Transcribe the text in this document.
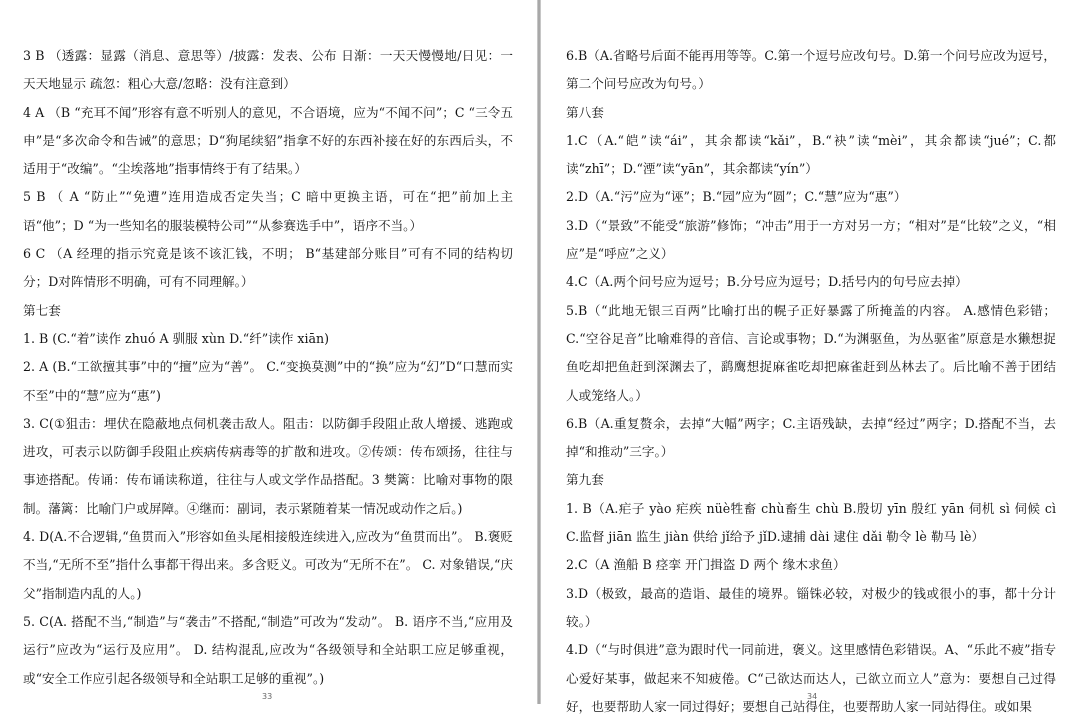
3 B （透露：显露（消息、意思等）/披露：发表、公布 日渐：一天天慢慢地/日见：一天天地显示 疏忽：粗心大意/忽略：没有注意到）

4 A （B “充耳不闻”形容有意不听别人的意见，不合语境，应为“不闻不问”；C “三令五申”是“多次命令和告诫”的意思；D“狗尾续貂”指拿不好的东西补接在好的东西后头，不适用于“改编”。“尘埃落地”指事情终于有了结果。）

5 B （ A “防止”“免遭”连用造成否定失当；C 暗中更换主语，可在“把”前加上主语“他”；D “为一些知名的服装模特公司”“从参赛选手中”，语序不当。）

6 C （A 经理的指示究竟是该不该汇钱，不明； B“基建部分账目”可有不同的结构切分；D对阵情形不明确，可有不同理解。）

第七套

1. B (C.“着”读作 zhuó A 驯服 xùn D.“纤”读作 xiān)

2. A (B.“工欲擅其事”中的“擅”应为“善”。 C.“变换莫测”中的“换”应为“幻”D“口慧而实不至”中的“慧”应为“惠”)

3. C(①狙击：埋伏在隐蔽地点伺机袭击敌人。阻击：以防御手段阻止敌人增援、逃跑或进攻，可表示以防御手段阻止疾病传病毒等的扩散和进攻。②传颂：传布颂扬，往往与事迹搭配。传诵：传布诵读称道，往往与人或文学作品搭配。3 樊篱：比喻对事物的限制。藩篱：比喻门户或屏障。④继而：副词，表示紧随着某一情况或动作之后。)

4. D(A.不合逻辑,“鱼贯而入”形容如鱼头尾相接般连续进入,应改为“鱼贯而出”。 B.褒贬不当,“无所不至”指什么事都干得出来。多含贬义。可改为“无所不在”。 C. 对象错误,“庆父”指制造内乱的人。)

5. C(A. 搭配不当,“制造”与“袭击”不搭配,“制造”可改为“发动”。 B. 语序不当,“应用及运行”应改为“运行及应用”。 D. 结构混乱,应改为“各级领导和全站职工应足够重视，或“安全工作应引起各级领导和全站职工足够的重视”。)

33

6.B（A.省略号后面不能再用等等。C.第一个逗号应改句号。D.第一个问号应改为逗号，第二个问号应改为句号。）

第八套

1.C（A.“皑”读“ái”，其余都读“kǎi”，B.“袂”读“mèi”，其余都读“jué”；C.都读“zhī”；D.“湮”读“yān”，其余都读“yín”）

2.D（A.“污”应为“诬”；B.“园”应为“圆”；C.“慧”应为“惠”）

3.D（“景致”不能受“旅游”修饰；“冲击”用于一方对另一方；“相对”是“比较”之义，“相应”是“呼应”之义）

4.C（A.两个问号应为逗号；B.分号应为逗号；D.括号内的句号应去掉）

5.B（“此地无银三百两”比喻打出的幌子正好暴露了所掩盖的内容。 A.感情色彩错；C.“空谷足音”比喻难得的音信、言论或事物；D.“为渊驱鱼，为丛驱雀”原意是水獭想捉鱼吃却把鱼赶到深渊去了，鹞鹰想捉麻雀吃却把麻雀赶到丛林去了。后比喻不善于团结人或笼络人。）

6.B（A.重复赘余，去掉“大幅”两字；C.主语残缺，去掉“经过”两字；D.搭配不当，去掉“和推动”三字。）

第九套

1. B（A.疟子 yào 疟疾 nüè牲畜 chù畜生 chù B.殷切 yīn 殷红 yān 伺机 sì 伺候 cì C.监督 jiān 监生 jiàn 供给 jǐ给予 jǐD.逮捕 dài 逮住 dǎi 勒令 lè 勒马 lè）

2.C（A 渔船 B 痉挛 开门揖盗 D 两个 缘木求鱼）

3.D（极致，最高的造诣、最佳的境界。锱铢必较，对极少的钱或很小的事，都十分计较。）

4.D（“与时俱进”意为跟时代一同前进，褒义。这里感情色彩错误。A、“乐此不疲”指专心爱好某事，做起来不知疲倦。C“己欲达而达人，己欲立而立人”意为：要想自己过得好，也要帮助人家一同过得好；要想自己站得住，也要帮助人家一同站得住。或如果

34
